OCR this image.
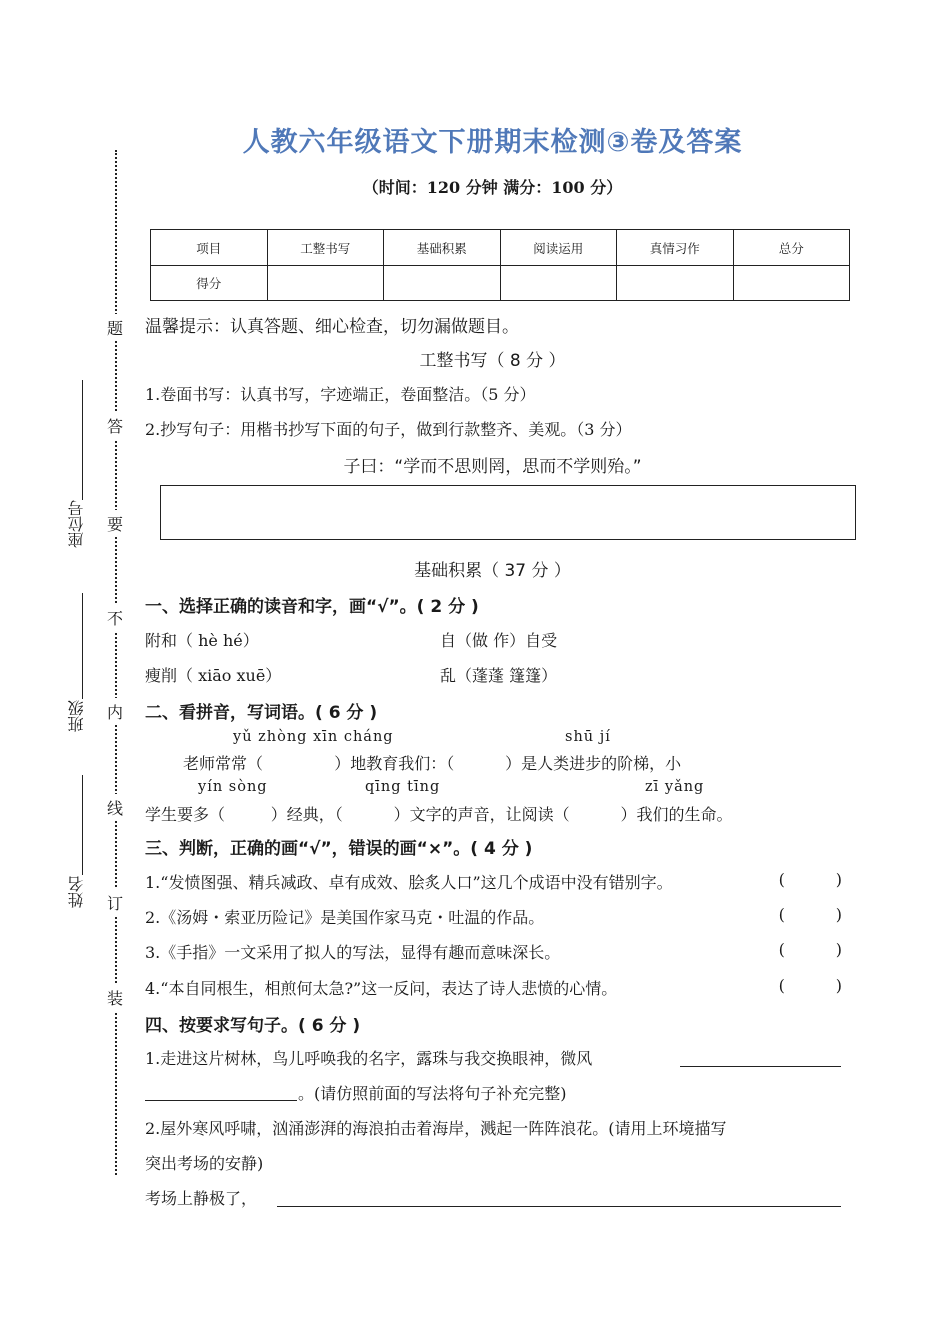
题
答
要
不
内
线
订
装
座位号
班级
姓名
人教六年级语文下册期末检测③卷及答案
（时间：120 分钟 满分：100 分）
项目	工整书写	基础积累	阅读运用	真情习作	总分
得分					
温馨提示：认真答题、细心检查，切勿漏做题目。
工整书写（ 8 分 ）
1.卷面书写：认真书写，字迹端正，卷面整洁。（5 分）
2.抄写句子：用楷书抄写下面的句子，做到行款整齐、美观。（3 分）
子曰：“学而不思则罔，思而不学则殆。”
基础积累（ 37 分 ）
一、选择正确的读音和字，画“√”。( 2 分 )
附和（ hè hé）	自（做 作）自受
瘦削（ xiāo xuē）	乱（蓬蓬 篷篷）
二、看拼音，写词语。( 6 分 )
yǔ zhòng xīn cháng	shū jí
老师常常（              ）地教育我们：（          ）是人类进步的阶梯，小
yín sòng	qīng tīng	zī yǎng
学生要多（         ）经典，（          ）文字的声音，让阅读（          ）我们的生命。
三、判断，正确的画“√”，错误的画“×”。( 4 分 )
1.“发愤图强、精兵减政、卓有成效、脍炙人口”这几个成语中没有错别字。	(          )
2.《汤姆・索亚历险记》是美国作家马克・吐温的作品。	(          )
3.《手指》一文采用了拟人的写法，显得有趣而意味深长。	(          )
4.“本自同根生，相煎何太急?”这一反问，表达了诗人悲愤的心情。	(          )
四、按要求写句子。( 6 分 )
1.走进这片树林，鸟儿呼唤我的名字，露珠与我交换眼神，微风
。(请仿照前面的写法将句子补充完整)
2.屋外寒风呼啸，汹涌澎湃的海浪拍击着海岸，溅起一阵阵浪花。(请用上环境描写
突出考场的安静)
考场上静极了，
